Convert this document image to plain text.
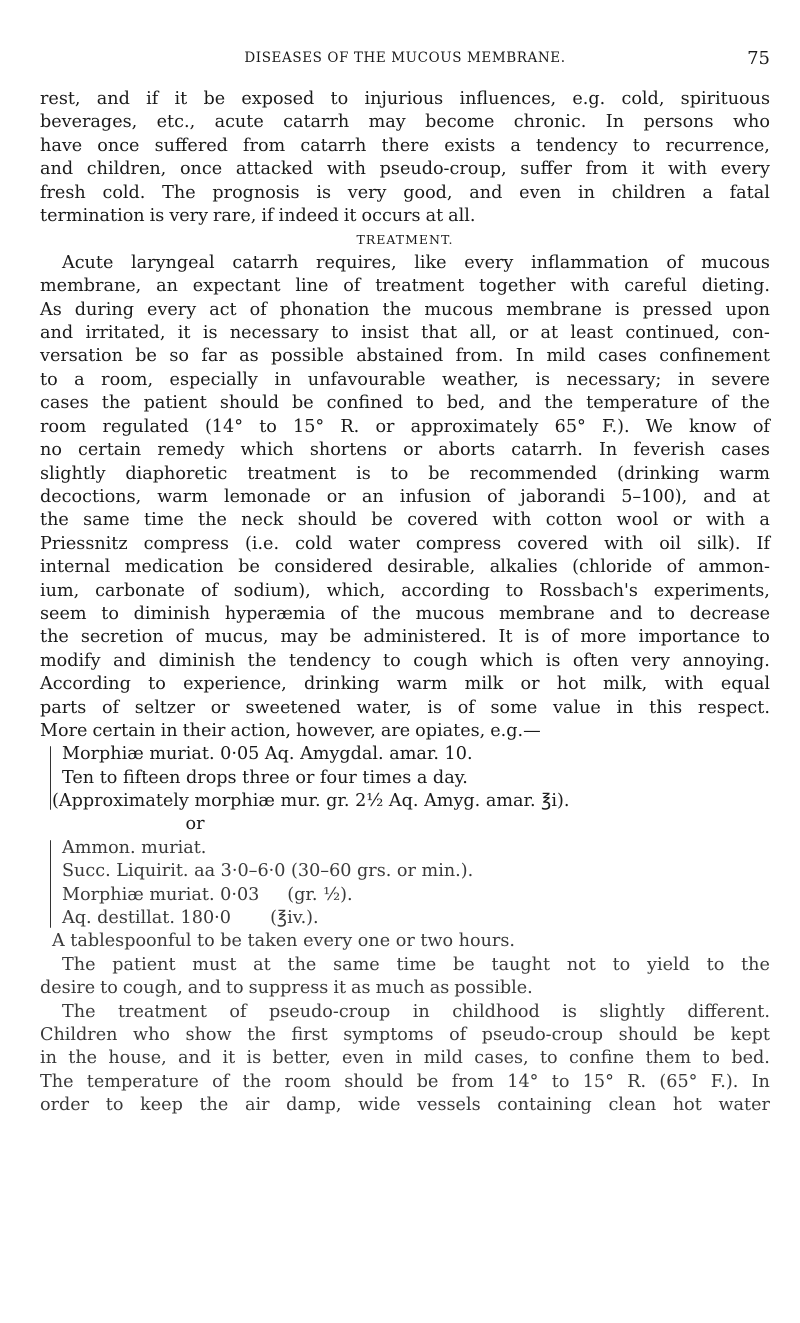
DISEASES OF THE MUCOUS MEMBRANE.	75
rest, and if it be exposed to injurious influences, e.g. cold, spirituous
beverages, etc., acute catarrh may become chronic. In persons who
have once suffered from catarrh there exists a tendency to recurrence,
and children, once attacked with pseudo-croup, suffer from it with every
fresh cold. The prognosis is very good, and even in children a fatal
termination is very rare, if indeed it occurs at all.
TREATMENT.
Acute laryngeal catarrh requires, like every inflammation of mucous
membrane, an expectant line of treatment together with careful dieting.
As during every act of phonation the mucous membrane is pressed upon
and irritated, it is necessary to insist that all, or at least continued, con-
versation be so far as possible abstained from. In mild cases confinement
to a room, especially in unfavourable weather, is necessary; in severe
cases the patient should be confined to bed, and the temperature of the
room regulated (14° to 15° R. or approximately 65° F.). We know of
no certain remedy which shortens or aborts catarrh. In feverish cases
slightly diaphoretic treatment is to be recommended (drinking warm
decoctions, warm lemonade or an infusion of jaborandi 5–100), and at
the same time the neck should be covered with cotton wool or with a
Priessnitz compress (i.e. cold water compress covered with oil silk). If
internal medication be considered desirable, alkalies (chloride of ammon-
ium, carbonate of sodium), which, according to Rossbach's experiments,
seem to diminish hyperæmia of the mucous membrane and to decrease
the secretion of mucus, may be administered. It is of more importance to
modify and diminish the tendency to cough which is often very annoying.
According to experience, drinking warm milk or hot milk, with equal
parts of seltzer or sweetened water, is of some value in this respect.
More certain in their action, however, are opiates, e.g.—
Morphiæ muriat. 0·05 Aq. Amygdal. amar. 10.
Ten to fifteen drops three or four times a day.
(Approximately morphiæ mur. gr. 2½ Aq. Amyg. amar. ℥i).
or
Ammon. muriat.
Succ. Liquirit. aa 3·0–6·0 (30–60 grs. or min.).
Morphiæ muriat. 0·03     (gr. ½).
Aq. destillat. 180·0       (℥iv.).
A tablespoonful to be taken every one or two hours.
The patient must at the same time be taught not to yield to the
desire to cough, and to suppress it as much as possible.
The treatment of pseudo-croup in childhood is slightly different.
Children who show the first symptoms of pseudo-croup should be kept
in the house, and it is better, even in mild cases, to confine them to bed.
The temperature of the room should be from 14° to 15° R. (65° F.). In
order to keep the air damp, wide vessels containing clean hot water
